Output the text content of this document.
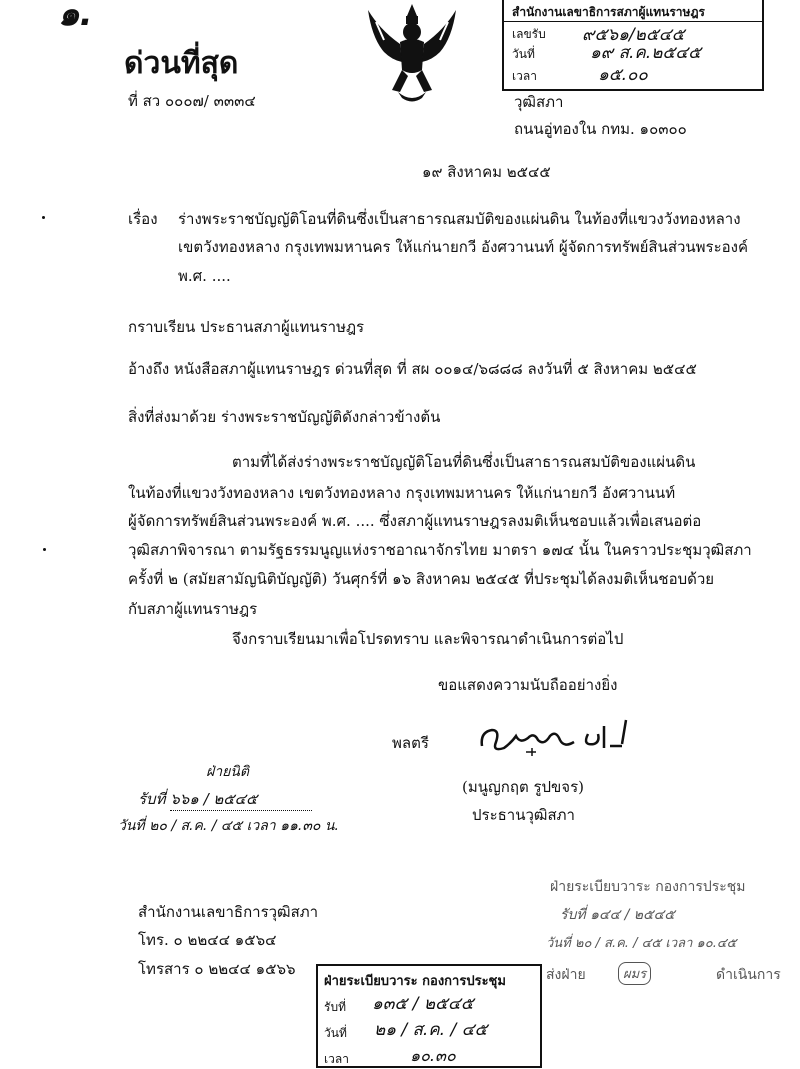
๑.
ด่วนที่สุด
ที่ สว ๐๐๐๗/ ๓๓๓๔
สำนักงานเลขาธิการสภาผู้แทนราษฎร
เลขรับ ๙๕๖๑/๒๕๔๕
วันที่	๑๙ ส.ค.๒๕๔๕
เวลา	๑๕.๐๐
วุฒิสภา
ถนนอู่ทองใน กทม. ๑๐๓๐๐
๑๙ สิงหาคม ๒๕๔๕
เรื่อง ร่างพระราชบัญญัติโอนที่ดินซึ่งเป็นสาธารณสมบัติของแผ่นดิน ในท้องที่แขวงวังทองหลาง
เขตวังทองหลาง กรุงเทพมหานคร ให้แก่นายกวี อังศวานนท์ ผู้จัดการทรัพย์สินส่วนพระองค์
พ.ศ. ....
กราบเรียน ประธานสภาผู้แทนราษฎร
อ้างถึง หนังสือสภาผู้แทนราษฎร ด่วนที่สุด ที่ สผ ๐๐๑๔/๖๘๘๘ ลงวันที่ ๕ สิงหาคม ๒๕๔๕
สิ่งที่ส่งมาด้วย ร่างพระราชบัญญัติดังกล่าวข้างต้น
ตามที่ได้ส่งร่างพระราชบัญญัติโอนที่ดินซึ่งเป็นสาธารณสมบัติของแผ่นดิน
ในท้องที่แขวงวังทองหลาง เขตวังทองหลาง กรุงเทพมหานคร ให้แก่นายกวี อังศวานนท์
ผู้จัดการทรัพย์สินส่วนพระองค์ พ.ศ. .... ซึ่งสภาผู้แทนราษฎรลงมติเห็นชอบแล้วเพื่อเสนอต่อ
วุฒิสภาพิจารณา ตามรัฐธรรมนูญแห่งราชอาณาจักรไทย มาตรา ๑๗๔ นั้น ในคราวประชุมวุฒิสภา
ครั้งที่ ๒ (สมัยสามัญนิติบัญญัติ) วันศุกร์ที่ ๑๖ สิงหาคม ๒๕๔๕ ที่ประชุมได้ลงมติเห็นชอบด้วย
กับสภาผู้แทนราษฎร
จึงกราบเรียนมาเพื่อโปรดทราบ และพิจารณาดำเนินการต่อไป
ขอแสดงความนับถืออย่างยิ่ง
พลตรี
(มนูญกฤต รูปขจร)
ประธานวุฒิสภา
ฝ่ายนิติ
รับที่ ๖๖๑ / ๒๕๔๕
วันที่ ๒๐ / ส.ค. / ๔๕ เวลา ๑๑.๓๐ น.
สำนักงานเลขาธิการวุฒิสภา
โทร. ๐ ๒๒๔๔ ๑๕๖๔
โทรสาร ๐ ๒๒๔๔ ๑๕๖๖
ฝ่ายระเบียบวาระ กองการประชุม
รับที่ ๑๔๔ / ๒๕๔๕
วันที่ ๒๐ / ส.ค. / ๔๕ เวลา ๑๐.๔๕
ส่งฝ่าย	ผมร	ดำเนินการ
ฝ่ายระเบียบวาระ กองการประชุม
รับที่ ๑๓๕ / ๒๕๔๕
วันที่ ๒๑ / ส.ค. / ๔๕
เวลา	๑๐.๓๐
